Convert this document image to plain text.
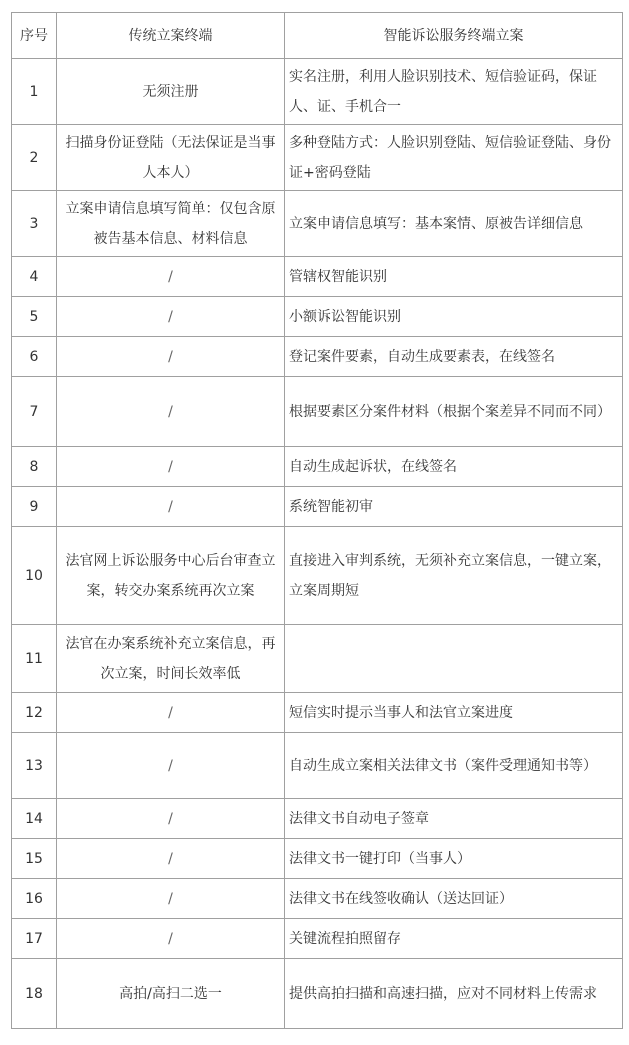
序号	传统立案终端	智能诉讼服务终端立案
1	无须注册	实名注册，利用人脸识别技术、短信验证码，保证人、证、手机合一
2	扫描身份证登陆（无法保证是当事人本人）	多种登陆方式：人脸识别登陆、短信验证登陆、身份证+密码登陆
3	立案申请信息填写简单：仅包含原被告基本信息、材料信息	立案申请信息填写：基本案情、原被告详细信息
4	/	管辖权智能识别
5	/	小额诉讼智能识别
6	/	登记案件要素，自动生成要素表，在线签名
7	/	根据要素区分案件材料（根据个案差异不同而不同）
8	/	自动生成起诉状，在线签名
9	/	系统智能初审
10	法官网上诉讼服务中心后台审查立案，转交办案系统再次立案	直接进入审判系统，无须补充立案信息，一键立案，立案周期短
11	法官在办案系统补充立案信息，再次立案，时间长效率低	
12	/	短信实时提示当事人和法官立案进度
13	/	自动生成立案相关法律文书（案件受理通知书等）
14	/	法律文书自动电子签章
15	/	法律文书一键打印（当事人）
16	/	法律文书在线签收确认（送达回证）
17	/	关键流程拍照留存
18	高拍/高扫二选一	提供高拍扫描和高速扫描，应对不同材料上传需求
